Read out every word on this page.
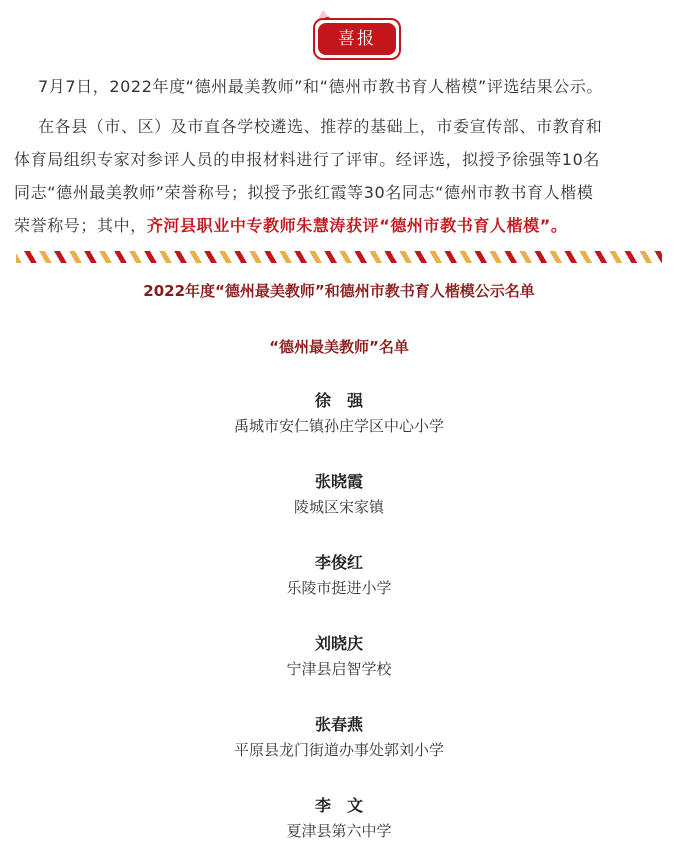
喜报
7月7日，2022年度“德州最美教师”和“德州市教书育人楷模”评选结果公示。
在各县（市、区）及市直各学校遴选、推荐的基础上，市委宣传部、市教育和
体育局组织专家对参评人员的申报材料进行了评审。经评选，拟授予徐强等10名
同志“德州最美教师”荣誉称号；拟授予张红霞等30名同志“德州市教书育人楷模
荣誉称号；其中，齐河县职业中专教师朱慧涛获评“德州市教书育人楷模”。
2022年度“德州最美教师”和德州市教书育人楷模公示名单
“德州最美教师”名单
徐　强
禹城市安仁镇孙庄学区中心小学
张晓霞
陵城区宋家镇
李俊红
乐陵市挺进小学
刘晓庆
宁津县启智学校
张春燕
平原县龙门街道办事处郭刘小学
李　文
夏津县第六中学
